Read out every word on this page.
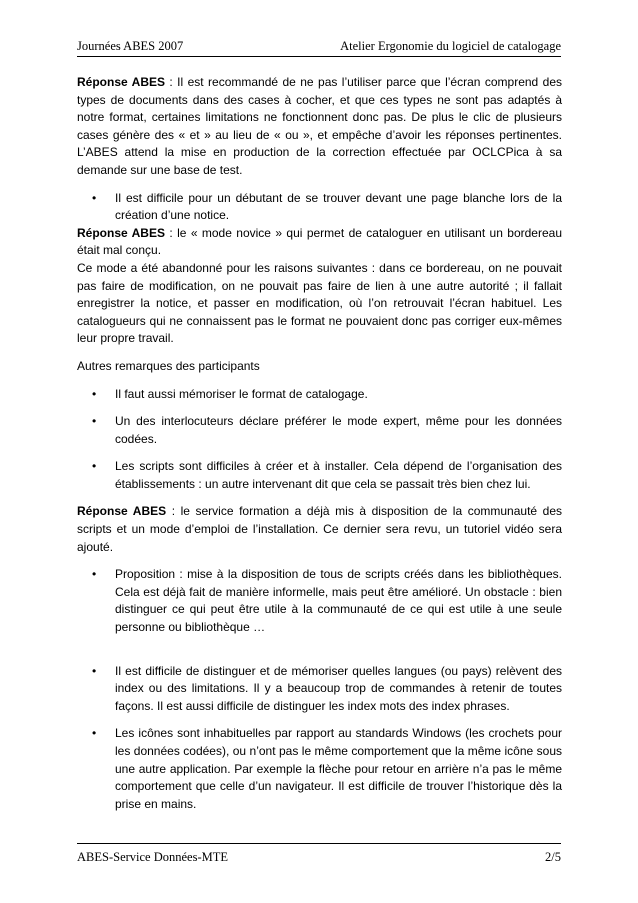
Journées ABES 2007	Atelier Ergonomie du logiciel de catalogage

Réponse ABES : Il est recommandé de ne pas l’utiliser parce que l’écran comprend des types de documents dans des cases à cocher, et que ces types ne sont pas adaptés à notre format, certaines limitations ne fonctionnent donc pas. De plus le clic de plusieurs cases génère des « et » au lieu de « ou », et empêche d’avoir les réponses pertinentes. L’ABES attend la mise en production de la correction effectuée par OCLCPica à sa demande sur une base de test.

• Il est difficile pour un débutant de se trouver devant une page blanche lors de la création d’une notice.

Réponse ABES : le « mode novice » qui permet de cataloguer en utilisant un bordereau était mal conçu.

Ce mode a été abandonné pour les raisons suivantes : dans ce bordereau, on ne pouvait pas faire de modification, on ne pouvait pas faire de lien à une autre autorité ; il fallait enregistrer la notice, et passer en modification, où l’on retrouvait l’écran habituel. Les catalogueurs qui ne connaissent pas le format ne pouvaient donc pas corriger eux-mêmes leur propre travail.

Autres remarques des participants

• Il faut aussi mémoriser le format de catalogage.
• Un des interlocuteurs déclare préférer le mode expert, même pour les données codées.
• Les scripts sont difficiles à créer et à installer. Cela dépend de l’organisation des établissements : un autre intervenant dit que cela se passait très bien chez lui.

Réponse ABES : le service formation a déjà mis à disposition de la communauté des scripts et un mode d’emploi de l’installation. Ce dernier sera revu, un tutoriel vidéo sera ajouté.

• Proposition : mise à la disposition de tous de scripts créés dans les bibliothèques. Cela est déjà fait de manière informelle, mais peut être amélioré. Un obstacle : bien distinguer ce qui peut être utile à la communauté de ce qui est utile à une seule personne ou bibliothèque …
• Il est difficile de distinguer et de mémoriser quelles langues (ou pays) relèvent des index ou des limitations. Il y a beaucoup trop de commandes à retenir de toutes façons. Il est aussi difficile de distinguer les index mots des index phrases.
• Les icônes sont inhabituelles par rapport au standards Windows (les crochets pour les données codées), ou n’ont pas le même comportement que la même icône sous une autre application. Par exemple la flèche pour retour en arrière n’a pas le même comportement que celle d’un navigateur. Il est difficile de trouver l’historique dès la prise en mains.
ABES-Service Données-MTE	2/5
